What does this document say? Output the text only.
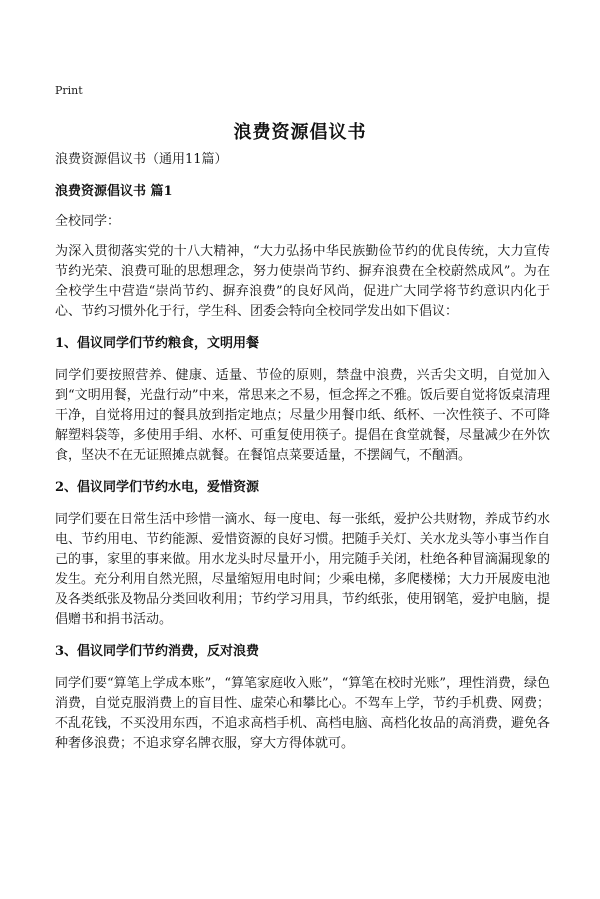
Print
浪费资源倡议书
浪费资源倡议书（通用11篇）
浪费资源倡议书 篇1
全校同学：
为深入贯彻落实党的十八大精神，“大力弘扬中华民族勤俭节约的优良传统，大力宣传节约光荣、浪费可耻的思想理念，努力使崇尚节约、摒弃浪费在全校蔚然成风”。为在全校学生中营造“崇尚节约、摒弃浪费”的良好风尚，促进广大同学将节约意识内化于心、节约习惯外化于行，学生科、团委会特向全校同学发出如下倡议：
1、倡议同学们节约粮食，文明用餐
同学们要按照营养、健康、适量、节俭的原则，禁盘中浪费，兴舌尖文明，自觉加入到“文明用餐，光盘行动”中来，常思来之不易，恒念挥之不雅。饭后要自觉将饭桌清理干净，自觉将用过的餐具放到指定地点；尽量少用餐巾纸、纸杯、一次性筷子、不可降解塑料袋等，多使用手绢、水杯、可重复使用筷子。提倡在食堂就餐，尽量减少在外饮食，坚决不在无证照摊点就餐。在餐馆点菜要适量，不摆阔气，不酗酒。
2、倡议同学们节约水电，爱惜资源
同学们要在日常生活中珍惜一滴水、每一度电、每一张纸，爱护公共财物，养成节约水电、节约用电、节约能源、爱惜资源的良好习惯。把随手关灯、关水龙头等小事当作自己的事，家里的事来做。用水龙头时尽量开小，用完随手关闭，杜绝各种冒滴漏现象的发生。充分利用自然光照，尽量缩短用电时间；少乘电梯，多爬楼梯；大力开展废电池及各类纸张及物品分类回收利用；节约学习用具，节约纸张，使用钢笔，爱护电脑，提倡赠书和捐书活动。
3、倡议同学们节约消费，反对浪费
同学们要“算笔上学成本账”，“算笔家庭收入账”，“算笔在校时光账”，理性消费，绿色消费，自觉克服消费上的盲目性、虚荣心和攀比心。不驾车上学，节约手机费、网费；不乱花钱，不买没用东西，不追求高档手机、高档电脑、高档化妆品的高消费，避免各种奢侈浪费；不追求穿名牌衣服，穿大方得体就可。
